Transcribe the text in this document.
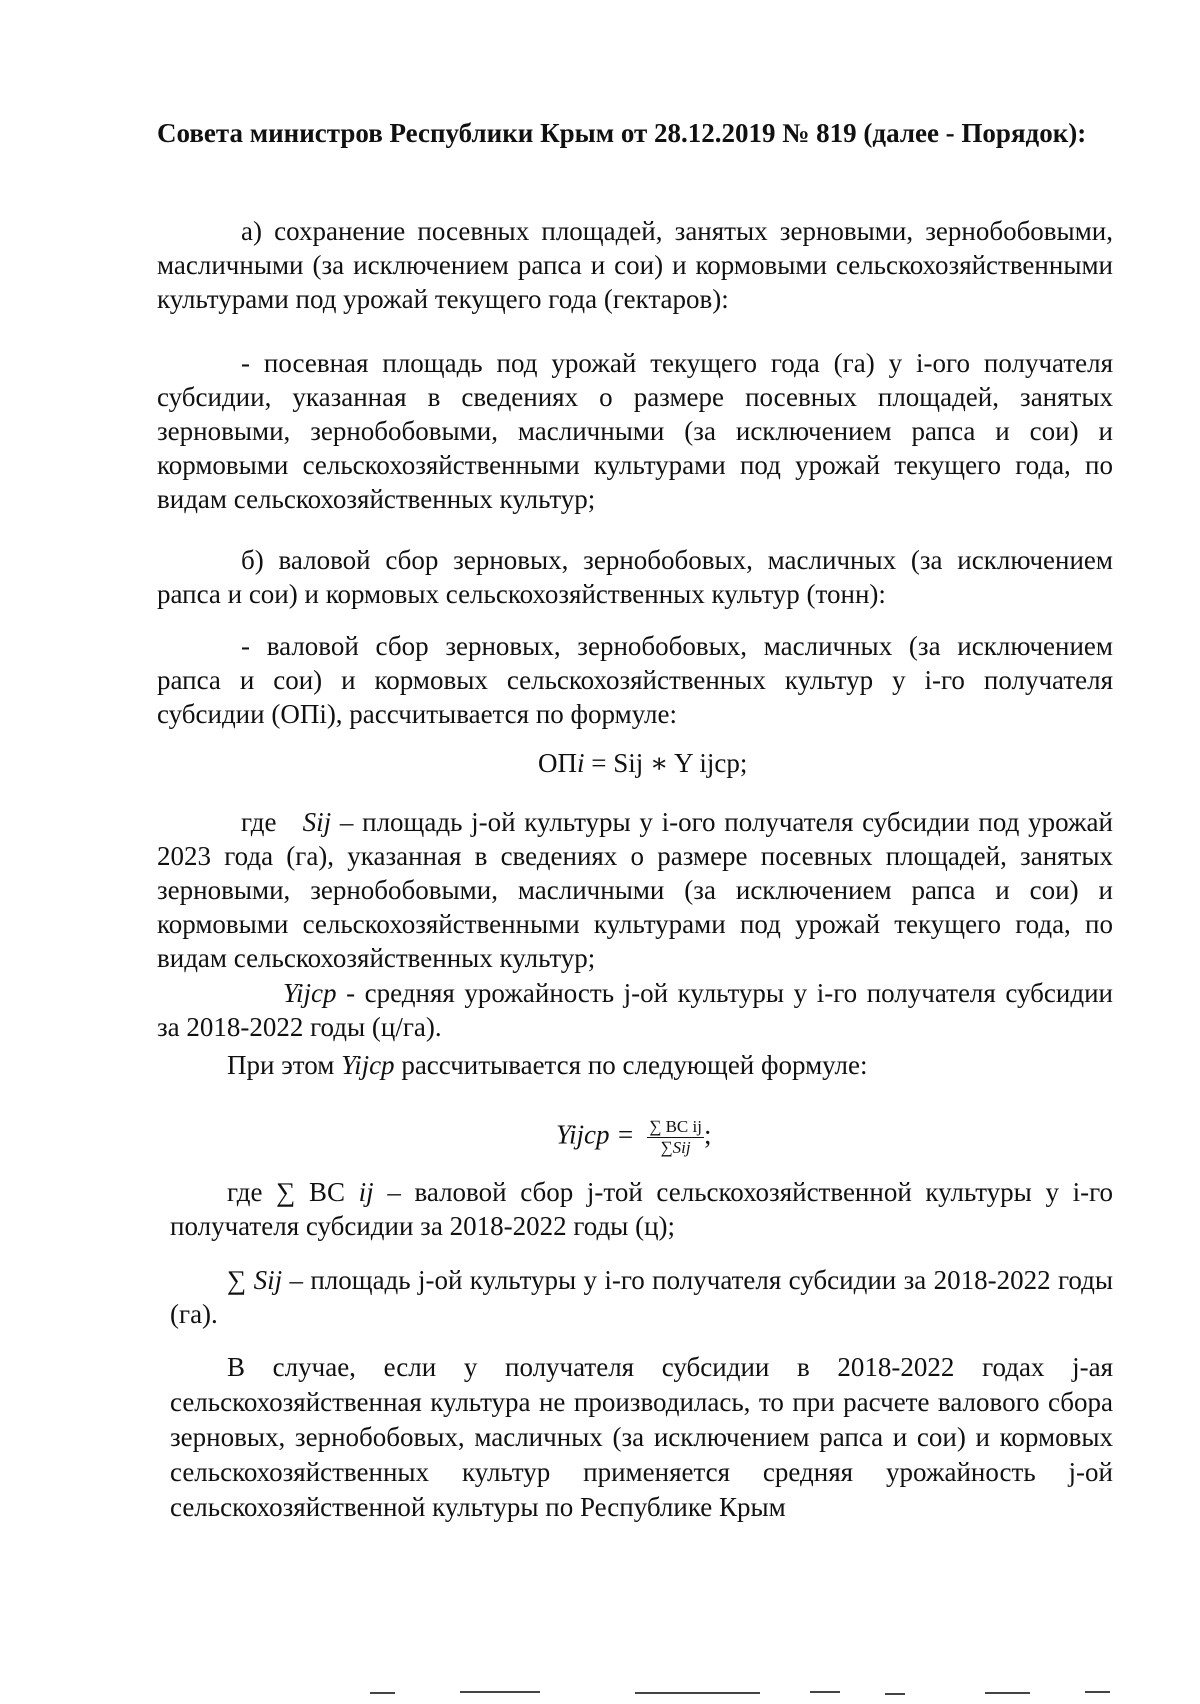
Совета министров Республики Крым от 28.12.2019 № 819 (далее - Порядок):

а) сохранение посевных площадей, занятых зерновыми, зернобобовыми, масличными (за исключением рапса и сои) и кормовыми сельскохозяйственными культурами под урожай текущего года (гектаров):

- посевная площадь под урожай текущего года (га) у i-ого получателя субсидии, указанная в сведениях о размере посевных площадей, занятых зерновыми, зернобобовыми, масличными (за исключением рапса и сои) и кормовыми сельскохозяйственными культурами под урожай текущего года, по видам сельскохозяйственных культур;

б) валовой сбор зерновых, зернобобовых, масличных (за исключением рапса и сои) и кормовых сельскохозяйственных культур (тонн):

- валовой сбор зерновых, зернобобовых, масличных (за исключением рапса и сои) и кормовых сельскохозяйственных культур у i-го получателя субсидии (ОПi), рассчитывается по формуле:

ОПi = Sij ∗ Y ijср;

где Sij – площадь j-ой культуры у i-ого получателя субсидии под урожай 2023 года (га), указанная в сведениях о размере посевных площадей, занятых зерновыми, зернобобовыми, масличными (за исключением рапса и сои) и кормовыми сельскохозяйственными культурами под урожай текущего года, по видам сельскохозяйственных культур;

Yijcp - средняя урожайность j-ой культуры у i-го получателя субсидии за 2018-2022 годы (ц/га).

При этом Yijcp рассчитывается по следующей формуле:

Yijcp = $\frac{\text{∑ ВС ij}}{\text{∑Sij}}$ ;

где ∑ ВС ij – валовой сбор j-той сельскохозяйственной культуры у i-го получателя субсидии за 2018-2022 годы (ц);

∑ Sij – площадь j-ой культуры у i-го получателя субсидии за 2018-2022 годы (га).

В случае, если у получателя субсидии в 2018-2022 годах j-ая сельскохозяйственная культура не производилась, то при расчете валового сбора зерновых, зернобобовых, масличных (за исключением рапса и сои) и кормовых сельскохозяйственных культур применяется средняя урожайность j-ой сельскохозяйственной культуры по Республике Крым
